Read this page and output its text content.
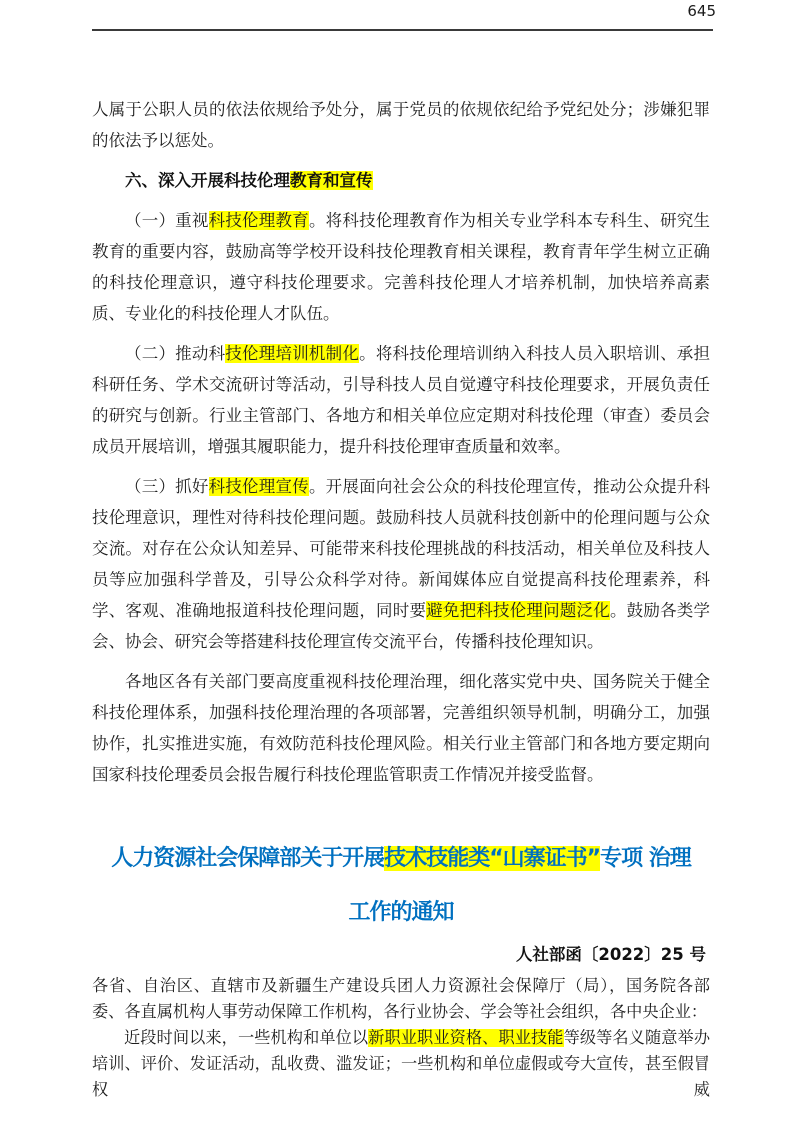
645

人属于公职人员的依法依规给予处分，属于党员的依规依纪给予党纪处分；涉嫌犯罪的依法予以惩处。

六、深入开展科技伦理教育和宣传

（一）重视科技伦理教育。将科技伦理教育作为相关专业学科本专科生、研究生教育的重要内容，鼓励高等学校开设科技伦理教育相关课程，教育青年学生树立正确的科技伦理意识，遵守科技伦理要求。完善科技伦理人才培养机制，加快培养高素质、专业化的科技伦理人才队伍。

（二）推动科技伦理培训机制化。将科技伦理培训纳入科技人员入职培训、承担科研任务、学术交流研讨等活动，引导科技人员自觉遵守科技伦理要求，开展负责任的研究与创新。行业主管部门、各地方和相关单位应定期对科技伦理（审查）委员会成员开展培训，增强其履职能力，提升科技伦理审查质量和效率。

（三）抓好科技伦理宣传。开展面向社会公众的科技伦理宣传，推动公众提升科技伦理意识，理性对待科技伦理问题。鼓励科技人员就科技创新中的伦理问题与公众交流。对存在公众认知差异、可能带来科技伦理挑战的科技活动，相关单位及科技人员等应加强科学普及，引导公众科学对待。新闻媒体应自觉提高科技伦理素养，科学、客观、准确地报道科技伦理问题，同时要避免把科技伦理问题泛化。鼓励各类学会、协会、研究会等搭建科技伦理宣传交流平台，传播科技伦理知识。

各地区各有关部门要高度重视科技伦理治理，细化落实党中央、国务院关于健全科技伦理体系，加强科技伦理治理的各项部署，完善组织领导机制，明确分工，加强协作，扎实推进实施，有效防范科技伦理风险。相关行业主管部门和各地方要定期向国家科技伦理委员会报告履行科技伦理监管职责工作情况并接受监督。

人力资源社会保障部关于开展技术技能类“山寨证书”专项 治理
工作的通知

人社部函〔2022〕25 号

各省、自治区、直辖市及新疆生产建设兵团人力资源社会保障厅（局），国务院各部委、各直属机构人事劳动保障工作机构，各行业协会、学会等社会组织，各中央企业：

近段时间以来，一些机构和单位以新职业职业资格、职业技能等级等名义随意举办培训、评价、发证活动，乱收费、滥发证；一些机构和单位虚假或夸大宣传，甚至假冒权威
